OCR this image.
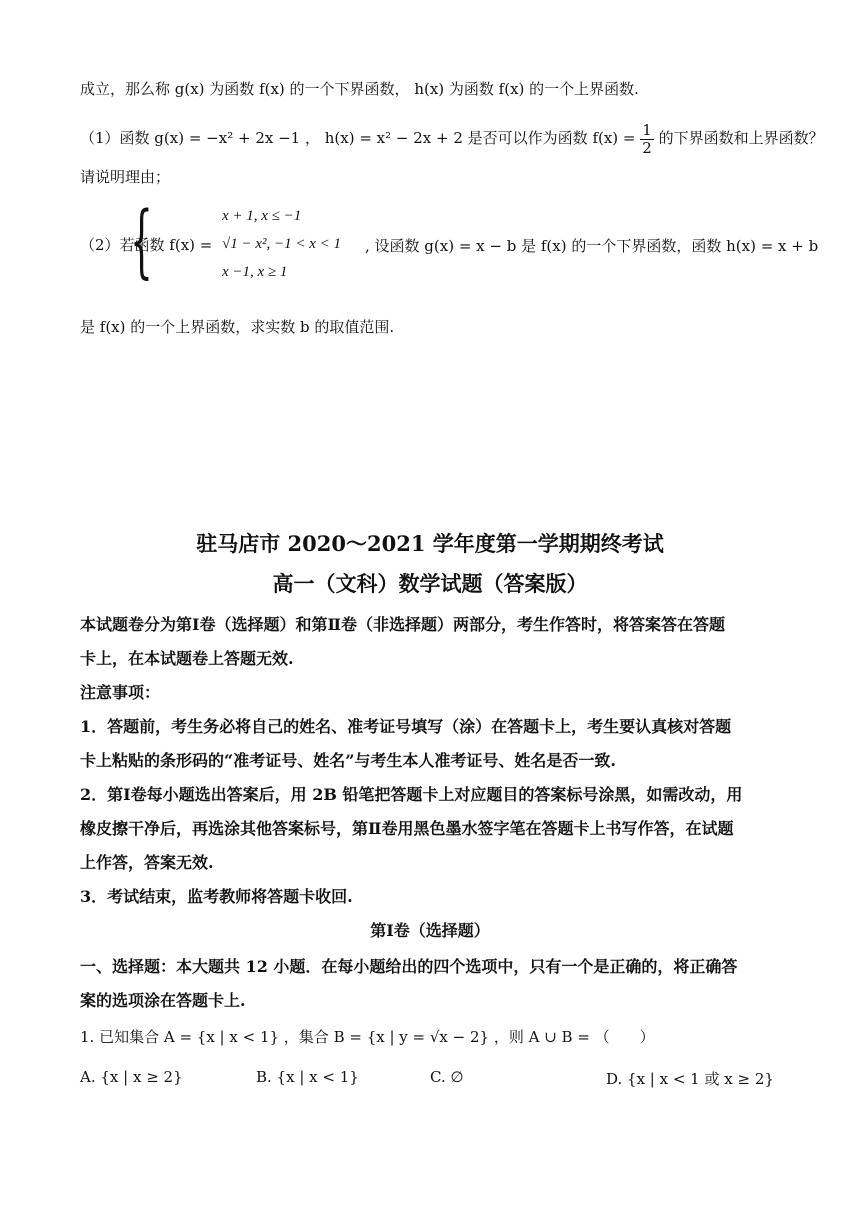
成立，那么称 g(x) 为函数 f(x) 的一个下界函数， h(x) 为函数 f(x) 的一个上界函数.
（1）函数 g(x) = −x² + 2x −1 ， h(x) = x² − 2x + 2 是否可以作为函数 $f(x) = \frac{1}{2}$ 的下界函数和上界函数？
请说明理由；
（2）若函数 f(x) =
{	x + 1, x ≤ −1
√1 − x², −1 < x < 1
x −1, x ≥ 1
, 设函数 g(x) = x − b 是 f(x) 的一个下界函数，函数 h(x) = x + b
是 f(x) 的一个上界函数，求实数 b 的取值范围.
驻马店市 2020～2021 学年度第一学期期终考试
高一（文科）数学试题（答案版）
本试题卷分为第Ⅰ卷（选择题）和第Ⅱ卷（非选择题）两部分，考生作答时，将答案答在答题
卡上，在本试题卷上答题无效.
注意事项：
1．答题前，考生务必将自己的姓名、准考证号填写（涂）在答题卡上，考生要认真核对答题
卡上粘贴的条形码的“准考证号、姓名”与考生本人准考证号、姓名是否一致.
2．第Ⅰ卷每小题选出答案后，用 2B 铅笔把答题卡上对应题目的答案标号涂黑，如需改动，用
橡皮擦干净后，再选涂其他答案标号，第Ⅱ卷用黑色墨水签字笔在答题卡上书写作答，在试题
上作答，答案无效.
3．考试结束，监考教师将答题卡收回.
第Ⅰ卷（选择题）
一、选择题：本大题共 12 小题．在每小题给出的四个选项中，只有一个是正确的，将正确答
案的选项涂在答题卡上.
1. 已知集合 A = {x | x < 1} ，集合 B = {x | y = √x − 2} ，则 A ∪ B = （　　）
A. {x | x ≥ 2}	B. {x | x < 1}	C. ∅	D. {x | x < 1 或 x ≥ 2}
